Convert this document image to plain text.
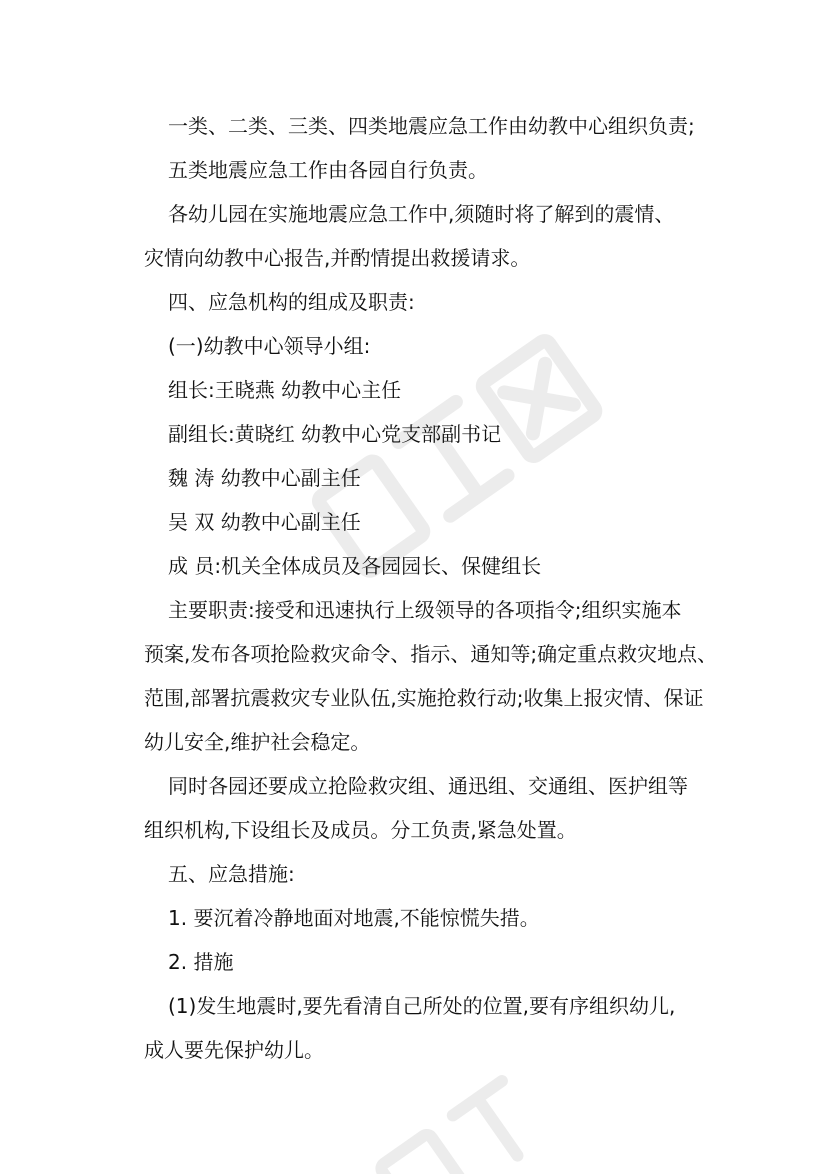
一类、二类、三类、四类地震应急工作由幼教中心组织负责;
五类地震应急工作由各园自行负责。
各幼儿园在实施地震应急工作中,须随时将了解到的震情、
灾情向幼教中心报告,并酌情提出救援请求。
四、应急机构的组成及职责:
(一)幼教中心领导小组:
组长:王晓燕 幼教中心主任
副组长:黄晓红 幼教中心党支部副书记
魏 涛 幼教中心副主任
吴 双 幼教中心副主任
成 员:机关全体成员及各园园长、保健组长
主要职责:接受和迅速执行上级领导的各项指令;组织实施本
预案,发布各项抢险救灾命令、指示、通知等;确定重点救灾地点、
范围,部署抗震救灾专业队伍,实施抢救行动;收集上报灾情、保证
幼儿安全,维护社会稳定。
同时各园还要成立抢险救灾组、通迅组、交通组、医护组等
组织机构,下设组长及成员。分工负责,紧急处置。
五、应急措施:
1. 要沉着冷静地面对地震,不能惊慌失措。
2. 措施
(1)发生地震时,要先看清自己所处的位置,要有序组织幼儿,
成人要先保护幼儿。
